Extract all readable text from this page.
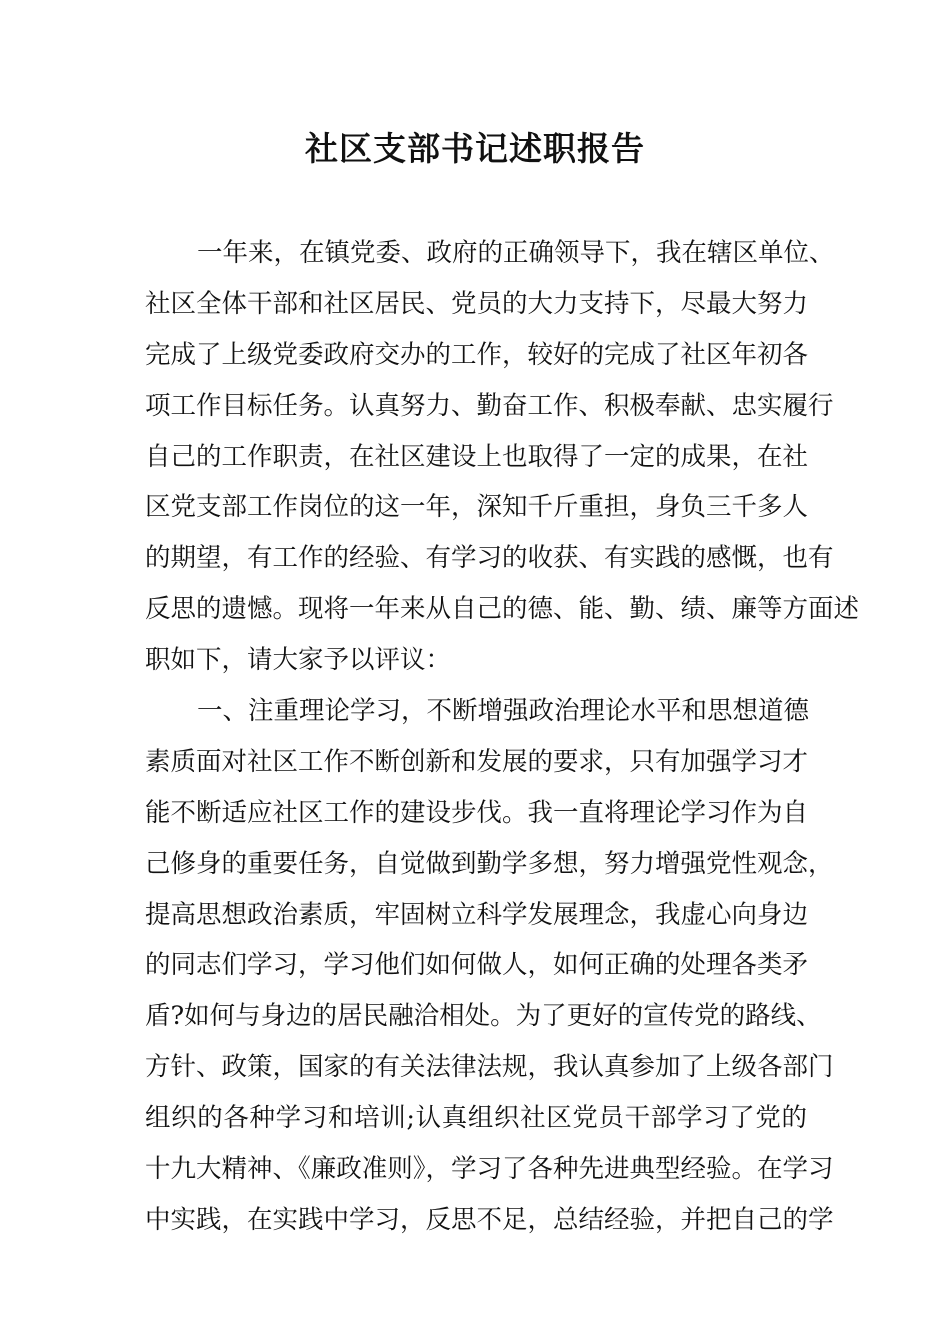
社区支部书记述职报告
一年来，在镇党委、政府的正确领导下，我在辖区单位、
社区全体干部和社区居民、党员的大力支持下，尽最大努力
完成了上级党委政府交办的工作，较好的完成了社区年初各
项工作目标任务。认真努力、勤奋工作、积极奉献、忠实履行
自己的工作职责，在社区建设上也取得了一定的成果，在社
区党支部工作岗位的这一年，深知千斤重担，身负三千多人
的期望，有工作的经验、有学习的收获、有实践的感慨，也有
反思的遗憾。现将一年来从自己的德、能、勤、绩、廉等方面述
职如下，请大家予以评议：
一、注重理论学习，不断增强政治理论水平和思想道德
素质面对社区工作不断创新和发展的要求，只有加强学习才
能不断适应社区工作的建设步伐。我一直将理论学习作为自
己修身的重要任务，自觉做到勤学多想，努力增强党性观念，
提高思想政治素质，牢固树立科学发展理念，我虚心向身边
的同志们学习，学习他们如何做人，如何正确的处理各类矛
盾?如何与身边的居民融洽相处。为了更好的宣传党的路线、
方针、政策，国家的有关法律法规，我认真参加了上级各部门
组织的各种学习和培训;认真组织社区党员干部学习了党的
十九大精神、《廉政准则》，学习了各种先进典型经验。在学习
中实践，在实践中学习，反思不足，总结经验，并把自己的学
